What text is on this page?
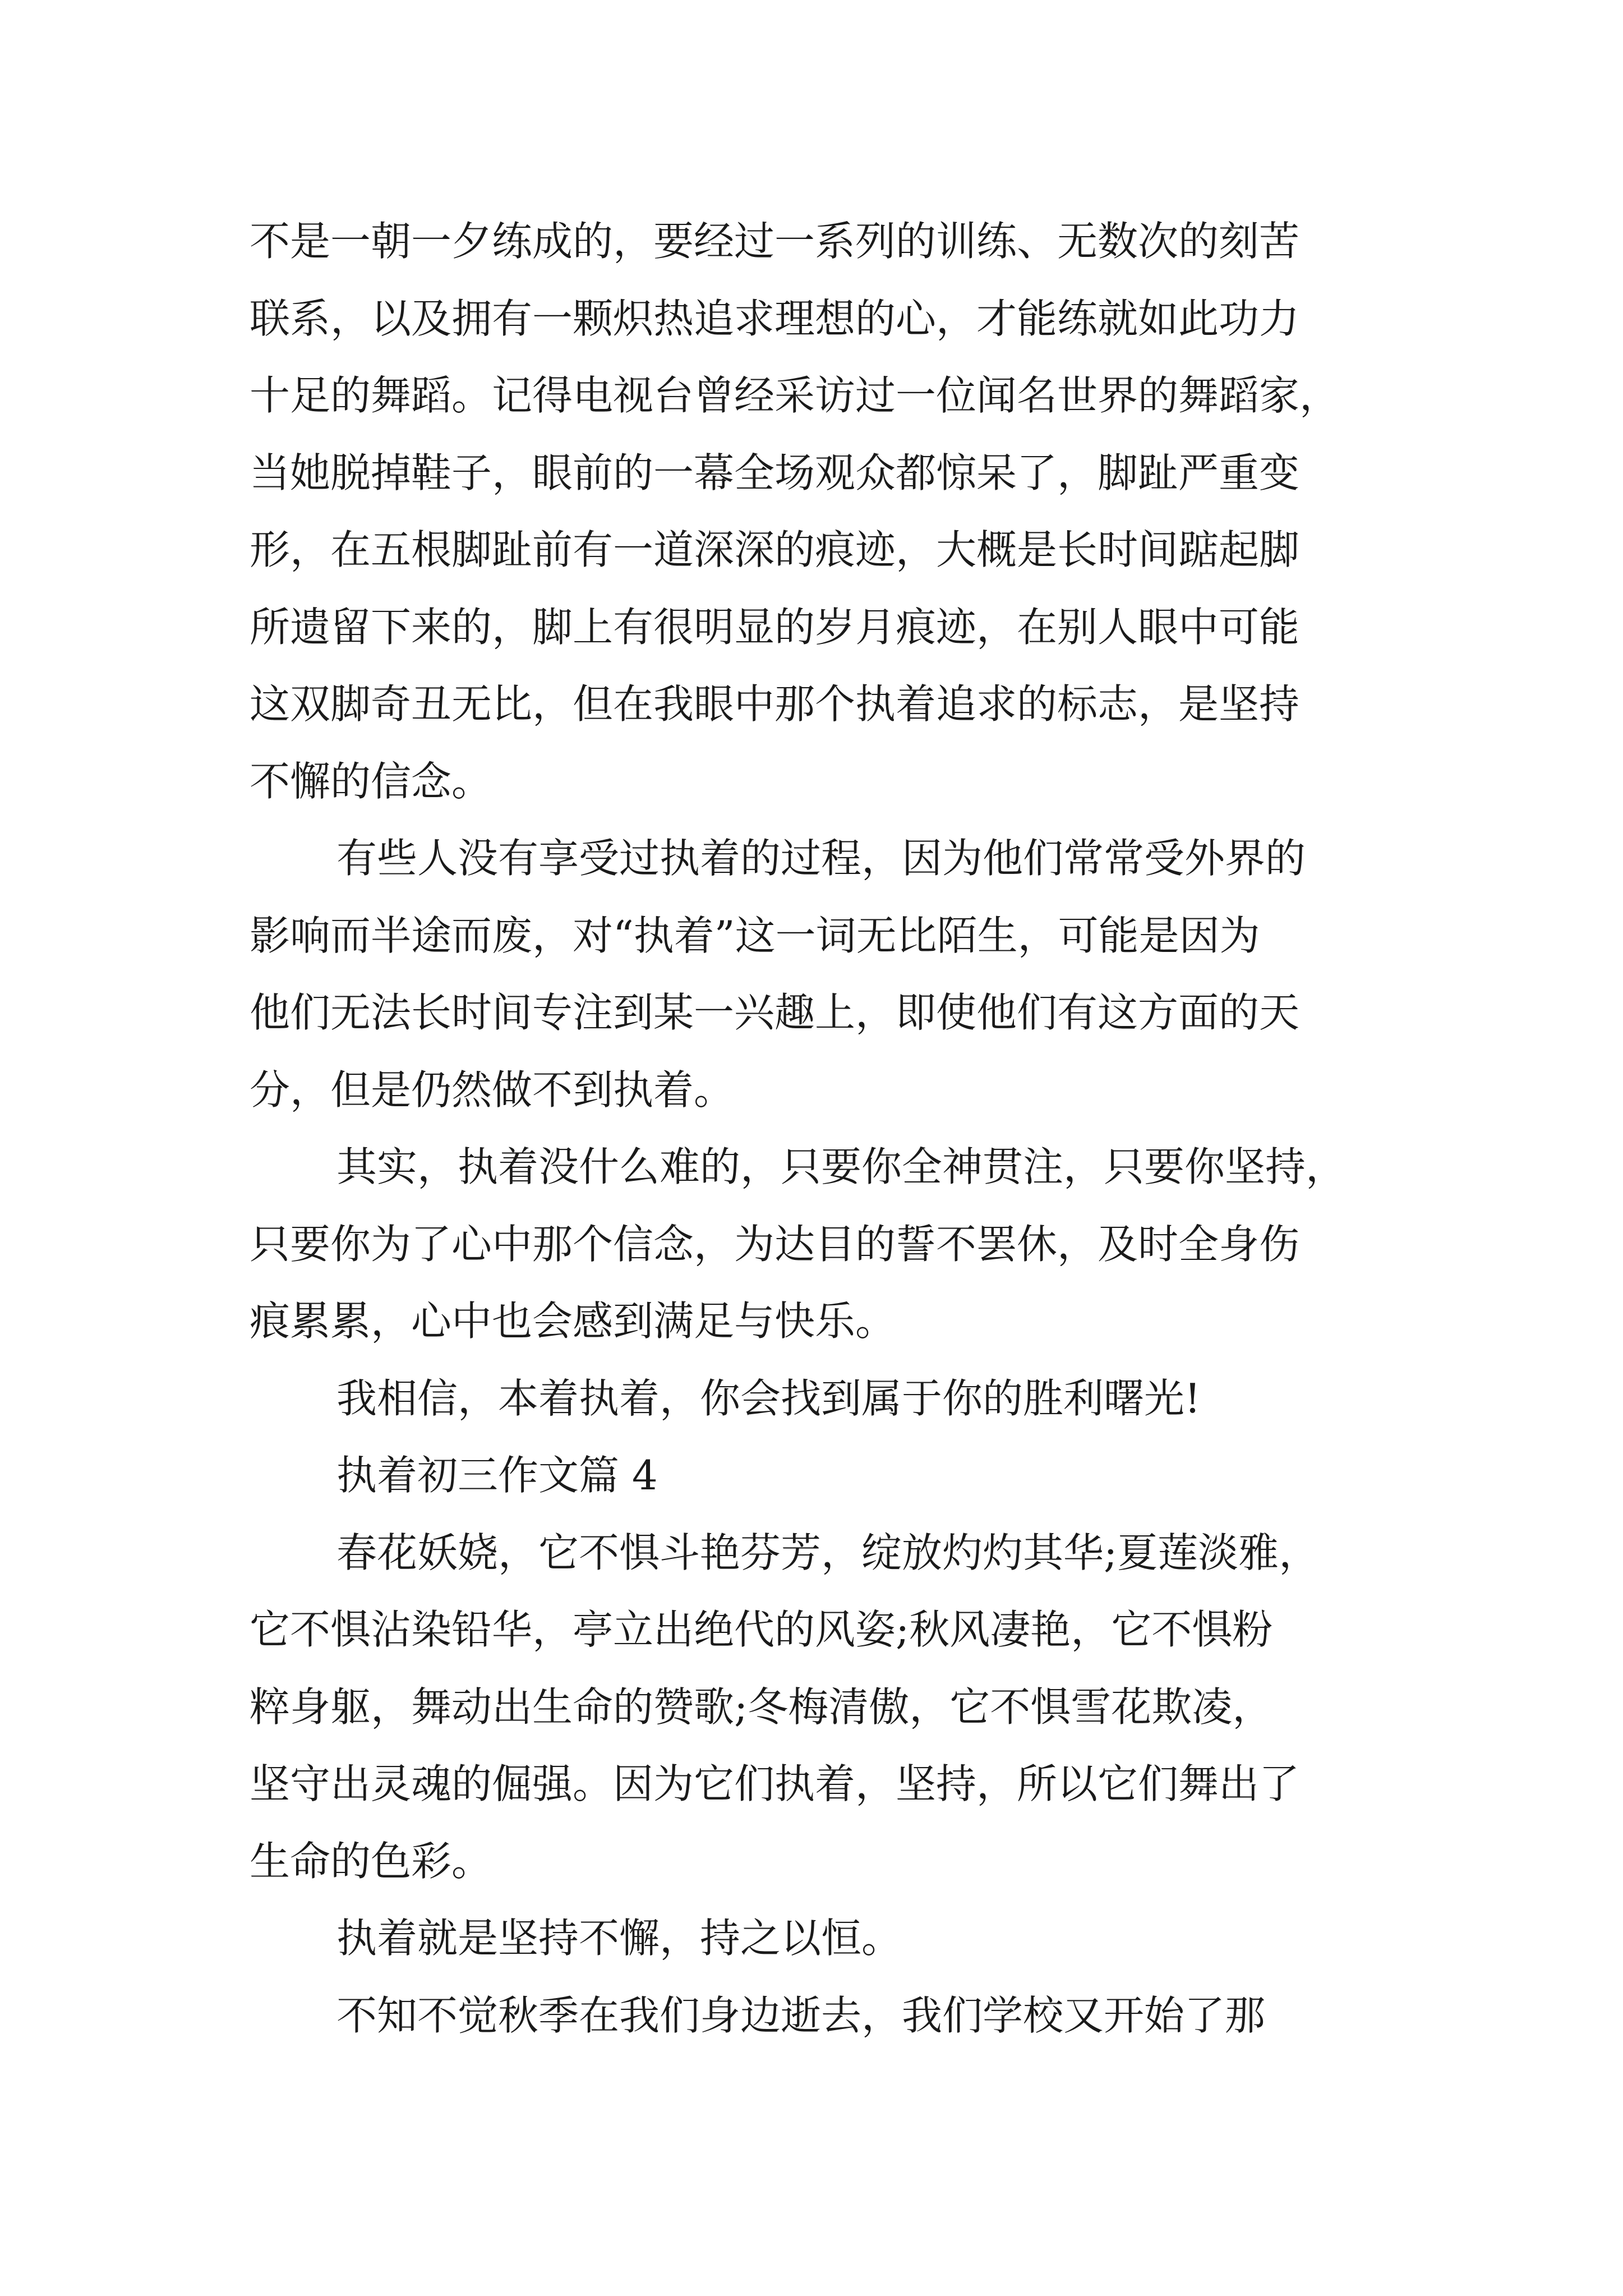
不是一朝一夕练成的，要经过一系列的训练、无数次的刻苦

联系，以及拥有一颗炽热追求理想的心，才能练就如此功力

十足的舞蹈。记得电视台曾经采访过一位闻名世界的舞蹈家，

当她脱掉鞋子，眼前的一幕全场观众都惊呆了，脚趾严重变

形，在五根脚趾前有一道深深的痕迹，大概是长时间踮起脚

所遗留下来的，脚上有很明显的岁月痕迹，在别人眼中可能

这双脚奇丑无比，但在我眼中那个执着追求的标志，是坚持

不懈的信念。

有些人没有享受过执着的过程，因为他们常常受外界的

影响而半途而废，对“执着”这一词无比陌生，可能是因为

他们无法长时间专注到某一兴趣上，即使他们有这方面的天

分，但是仍然做不到执着。

其实，执着没什么难的，只要你全神贯注，只要你坚持，

只要你为了心中那个信念，为达目的誓不罢休，及时全身伤

痕累累，心中也会感到满足与快乐。

我相信，本着执着，你会找到属于你的胜利曙光!

执着初三作文篇 4

春花妖娆，它不惧斗艳芬芳，绽放灼灼其华;夏莲淡雅，

它不惧沾染铅华，亭立出绝代的风姿;秋风凄艳，它不惧粉

粹身躯，舞动出生命的赞歌;冬梅清傲，它不惧雪花欺凌，

坚守出灵魂的倔强。因为它们执着，坚持，所以它们舞出了

生命的色彩。

执着就是坚持不懈，持之以恒。

不知不觉秋季在我们身边逝去，我们学校又开始了那
